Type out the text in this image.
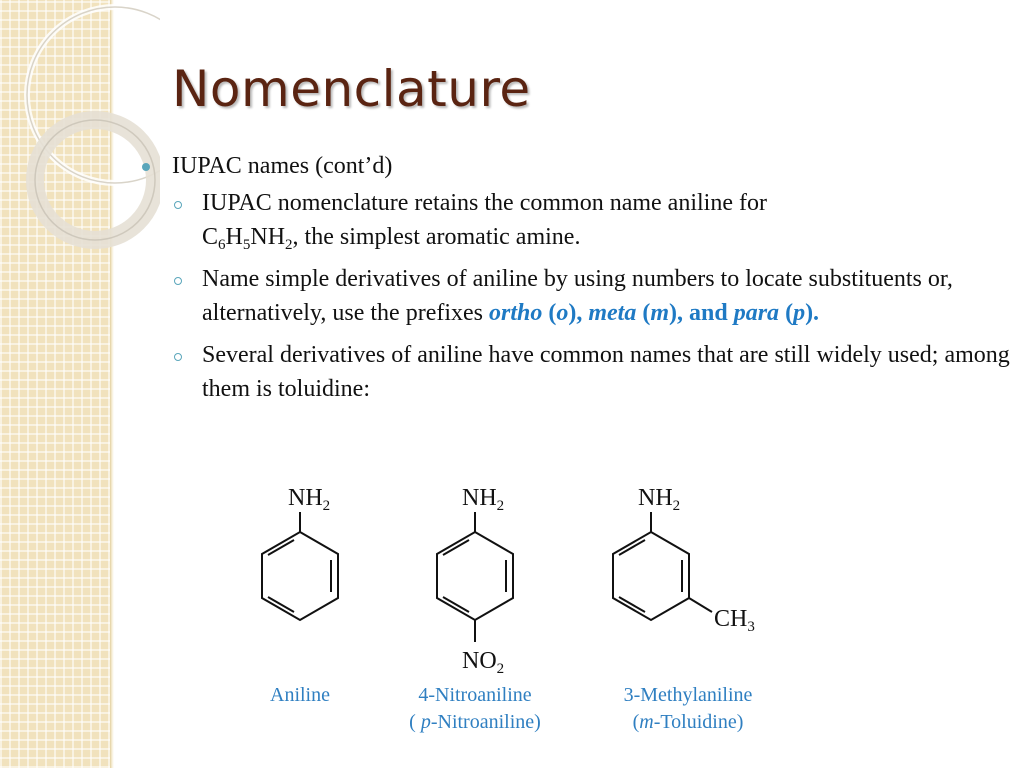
Nomenclature
IUPAC names (cont’d)
IUPAC nomenclature retains the common name aniline for
$C_6H_5NH_2$, the simplest aromatic amine.
Name simple derivatives of aniline by using numbers to locate substituents or, alternatively, use the prefixes ortho (o), meta (m), and para (p).
Several derivatives of aniline have common names that are still widely used; among them is toluidine:
$NH_2$
Aniline
$NH_2$
$NO_2$
4-Nitroaniline
( p-Nitroaniline)
$NH_2$
$CH_3$
3-Methylaniline
(m-Toluidine)
